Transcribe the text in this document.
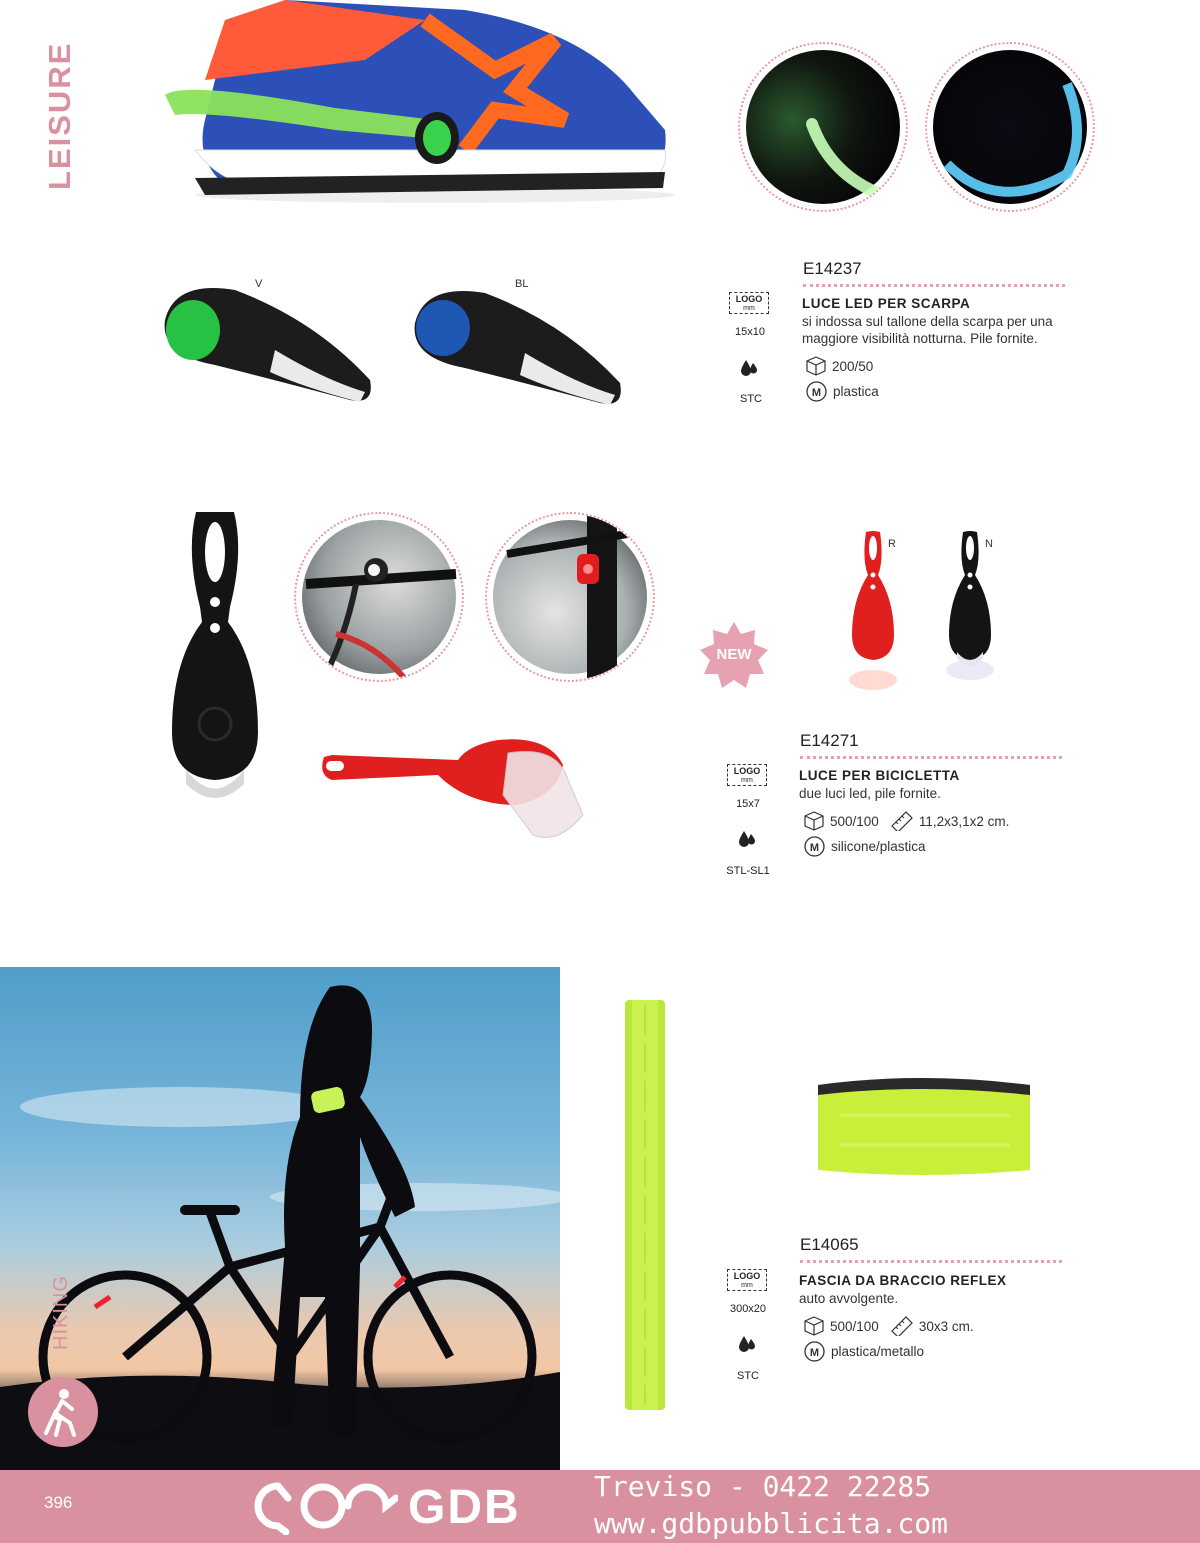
LEISURE
V	BL
E14237
LUCE LED PER SCARPA
si indossa sul tallone della scarpa per una
maggiore visibilità notturna. Pile fornite.
200/50
M plastica
LOGO
mm
15x10
STC
NEW
R	N
E14271
LUCE PER BICICLETTA
due luci led, pile fornite.
500/100	11,2x3,1x2 cm.
M silicone/plastica
LOGO
mm
15x7
STL-SL1
HIKING
E14065
FASCIA DA BRACCIO REFLEX
auto avvolgente.
500/100	30x3 cm.
M plastica/metallo
LOGO
mm
300x20
STC
396	GDB	Treviso - 0422 22285
www.gdbpubblicita.com
